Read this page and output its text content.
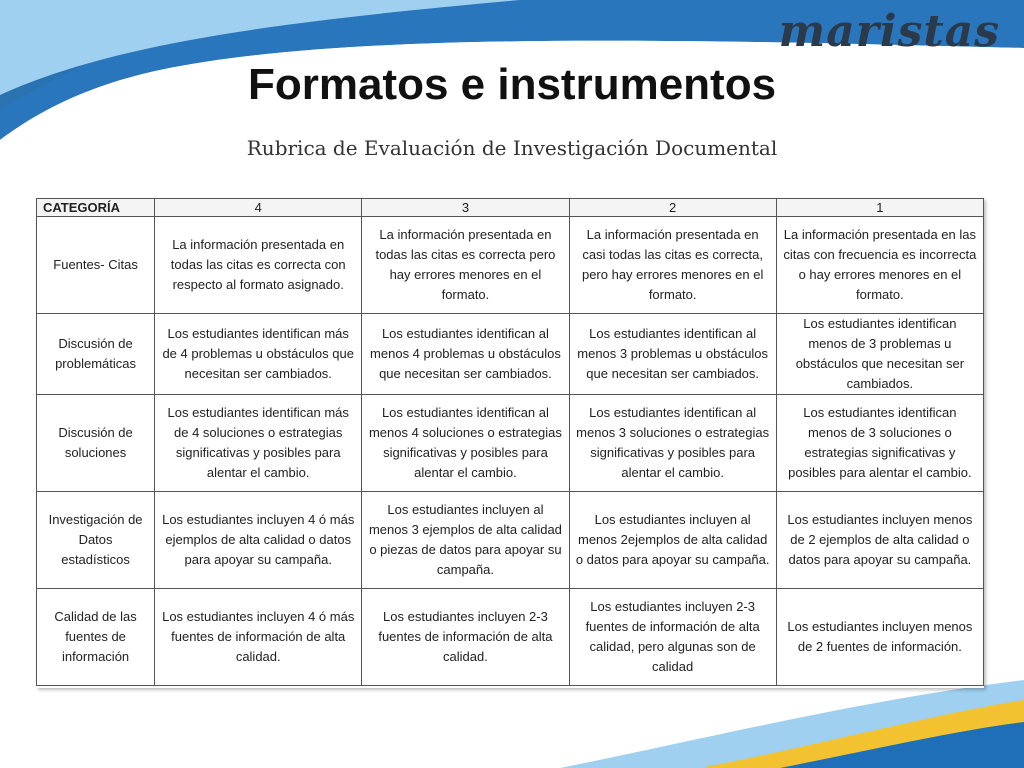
maristas
Formatos e instrumentos
Rubrica de Evaluación de Investigación Documental
CATEGORÍA	4	3	2	1
Fuentes- Citas	La información presentada en todas las citas es correcta con respecto al formato asignado.	La información presentada en todas las citas es correcta pero hay errores menores en el formato.	La información presentada en casi todas las citas es correcta, pero hay errores menores en el formato.	La información presentada en las citas con frecuencia es incorrecta o hay errores menores en el formato.
Discusión de problemáticas	Los estudiantes identifican más de 4 problemas u obstáculos que necesitan ser cambiados.	Los estudiantes identifican al menos 4 problemas u obstáculos que necesitan ser cambiados.	Los estudiantes identifican al menos 3 problemas u obstáculos que necesitan ser cambiados.	Los estudiantes identifican menos de 3 problemas u obstáculos que necesitan ser cambiados.
Discusión de soluciones	Los estudiantes identifican más de 4 soluciones o estrategias significativas y posibles para alentar el cambio.	Los estudiantes identifican al menos 4 soluciones o estrategias significativas y posibles para alentar el cambio.	Los estudiantes identifican al menos 3 soluciones o estrategias significativas y posibles para alentar el cambio.	Los estudiantes identifican menos de 3 soluciones o estrategias significativas y posibles para alentar el cambio.
Investigación de Datos estadísticos	Los estudiantes incluyen 4 ó más ejemplos de alta calidad o datos para apoyar su campaña.	Los estudiantes incluyen al menos 3 ejemplos de alta calidad o piezas de datos para apoyar su campaña.	Los estudiantes incluyen al menos 2ejemplos de alta calidad o datos para apoyar su campaña.	Los estudiantes incluyen menos de 2 ejemplos de alta calidad o datos para apoyar su campaña.
Calidad de las fuentes de información	Los estudiantes incluyen 4 ó más fuentes de información de alta calidad.	Los estudiantes incluyen 2-3 fuentes de información de alta calidad.	Los estudiantes incluyen 2-3 fuentes de información de alta calidad, pero algunas son de calidad	Los estudiantes incluyen menos de 2 fuentes de información.
